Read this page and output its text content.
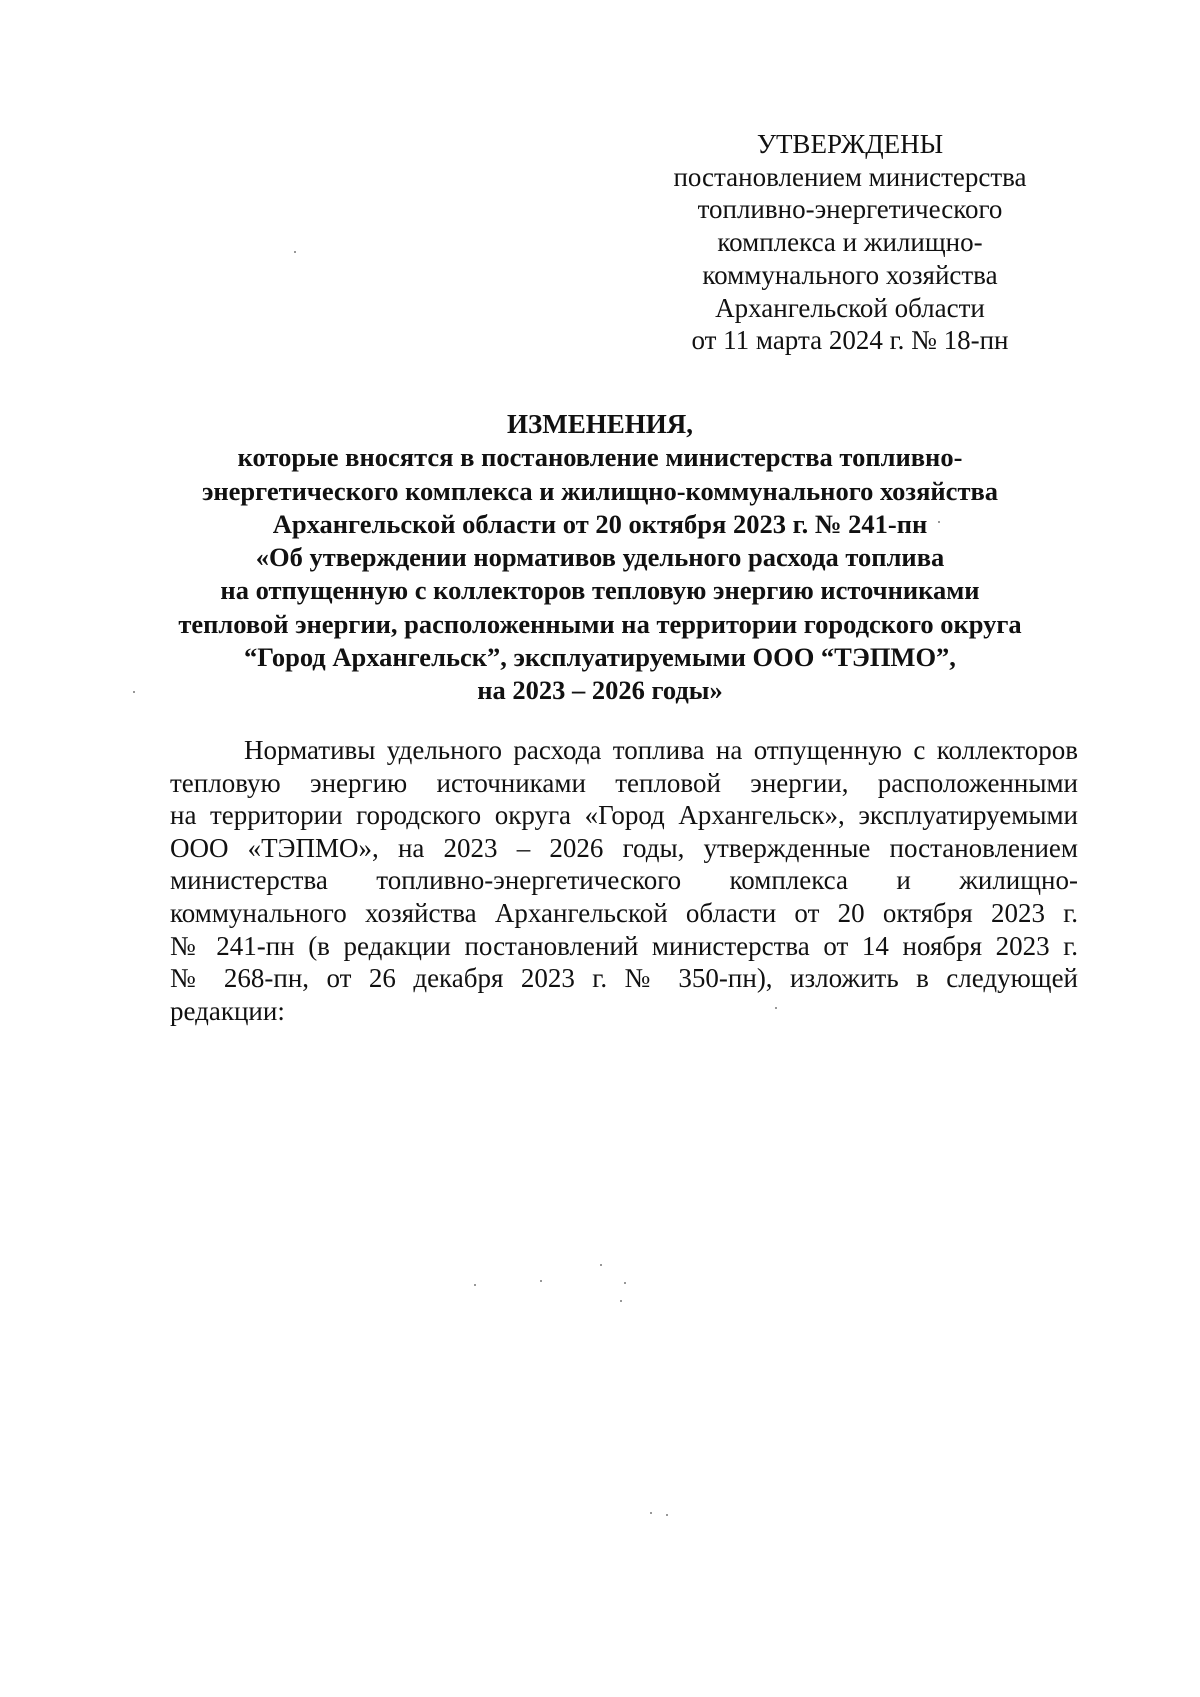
УТВЕРЖДЕНЫ
постановлением министерства
топливно-энергетического
комплекса и жилищно-
коммунального хозяйства
Архангельской области
от 11 марта 2024 г. № 18-пн
ИЗМЕНЕНИЯ,
которые вносятся в постановление министерства топливно-
энергетического комплекса и жилищно-коммунального хозяйства
Архангельской области от 20 октября 2023 г. № 241-пн
«Об утверждении нормативов удельного расхода топлива
на отпущенную с коллекторов тепловую энергию источниками
тепловой энергии, расположенными на территории городского округа
“Город Архангельск”, эксплуатируемыми ООО “ТЭПМО”,
на 2023 – 2026 годы»
Нормативы удельного расхода топлива на отпущенную с коллекторов
тепловую энергию источниками тепловой энергии, расположенными
на территории городского округа «Город Архангельск», эксплуатируемыми
ООО «ТЭПМО», на 2023 – 2026 годы, утвержденные постановлением
министерства топливно-энергетического комплекса и жилищно-
коммунального хозяйства Архангельской области от 20 октября 2023 г.
№ 241-пн (в редакции постановлений министерства от 14 ноября 2023 г.
№ 268-пн, от 26 декабря 2023 г. № 350-пн), изложить в следующей
редакции:
